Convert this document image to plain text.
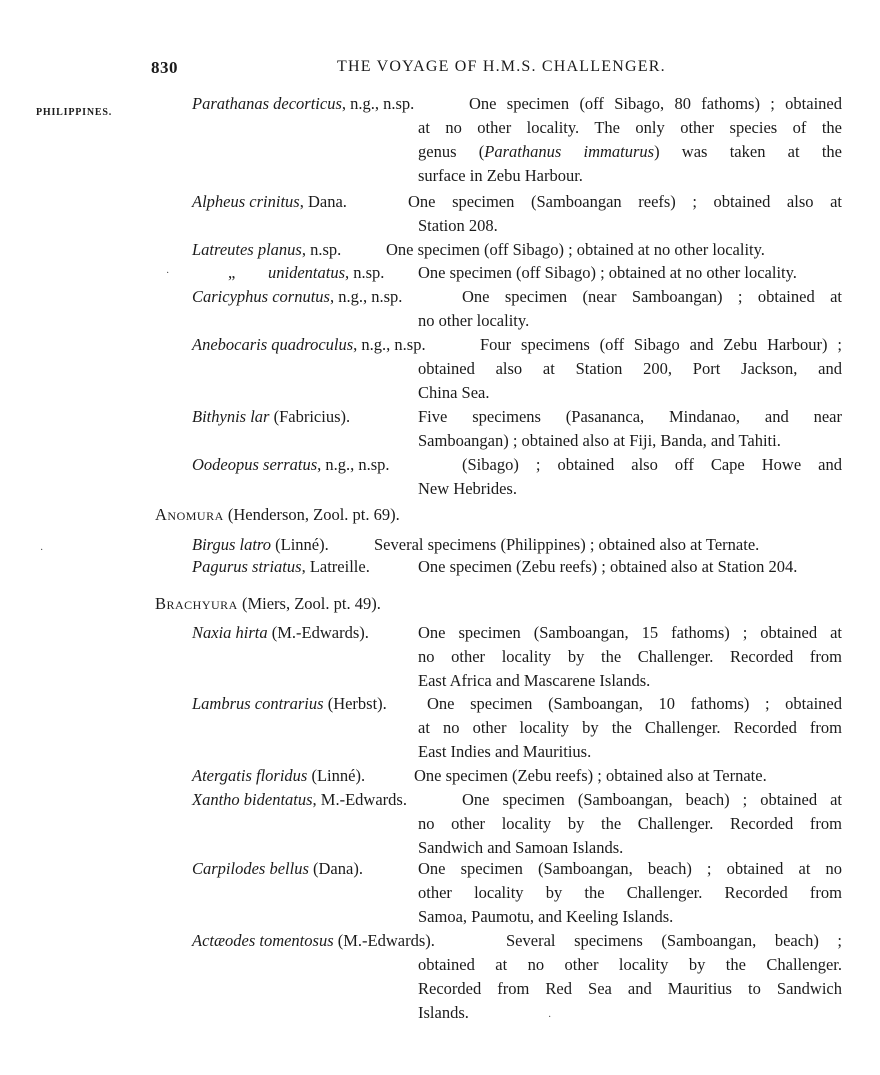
830	THE VOYAGE OF H.M.S. CHALLENGER.
PHILIPPINES.	Parathanas decorticus, n.g., n.sp.	One specimen (off Sibago, 80 fathoms) ; obtained
at no other locality. The only other species of the
genus (Parathanus immaturus) was taken at the
surface in Zebu Harbour.
Alpheus crinitus, Dana.	One specimen (Samboangan reefs) ; obtained also at
Station 208.
Latreutes planus, n.sp.	One specimen (off Sibago) ; obtained at no other locality.
„ unidentatus, n.sp. One specimen (off Sibago) ; obtained at no other locality.
Caricyphus cornutus, n.g., n.sp.	One specimen (near Samboangan) ; obtained at
no other locality.
Anebocaris quadroculus, n.g., n.sp.	Four specimens (off Sibago and Zebu Harbour) ;
obtained also at Station 200, Port Jackson, and
China Sea.
Bithynis lar (Fabricius).	Five specimens (Pasananca, Mindanao, and near
Samboangan) ; obtained also at Fiji, Banda, and Tahiti.
Oodeopus serratus, n.g., n.sp.	(Sibago) ; obtained also off Cape Howe and
New Hebrides.
Anomura (Henderson, Zool. pt. 69).
Birgus latro (Linné).	Several specimens (Philippines) ; obtained also at Ternate.
Pagurus striatus, Latreille.	One specimen (Zebu reefs) ; obtained also at Station 204.
Brachyura (Miers, Zool. pt. 49).
Naxia hirta (M.-Edwards).	One specimen (Samboangan, 15 fathoms) ; obtained at
no other locality by the Challenger. Recorded from
East Africa and Mascarene Islands.
Lambrus contrarius (Herbst). One specimen (Samboangan, 10 fathoms) ; obtained
at no other locality by the Challenger. Recorded from
East Indies and Mauritius.
Atergatis floridus (Linné).	One specimen (Zebu reefs) ; obtained also at Ternate.
Xantho bidentatus, M.-Edwards.	One specimen (Samboangan, beach) ; obtained at
no other locality by the Challenger. Recorded from
Sandwich and Samoan Islands.
Carpilodes bellus (Dana).	One specimen (Samboangan, beach) ; obtained at no
other locality by the Challenger. Recorded from
Samoa, Paumotu, and Keeling Islands.
Actæodes tomentosus (M.-Edwards).	Several specimens (Samboangan, beach) ;
obtained at no other locality by the Challenger.
Recorded from Red Sea and Mauritius to Sandwich
Islands.
·
·
·
